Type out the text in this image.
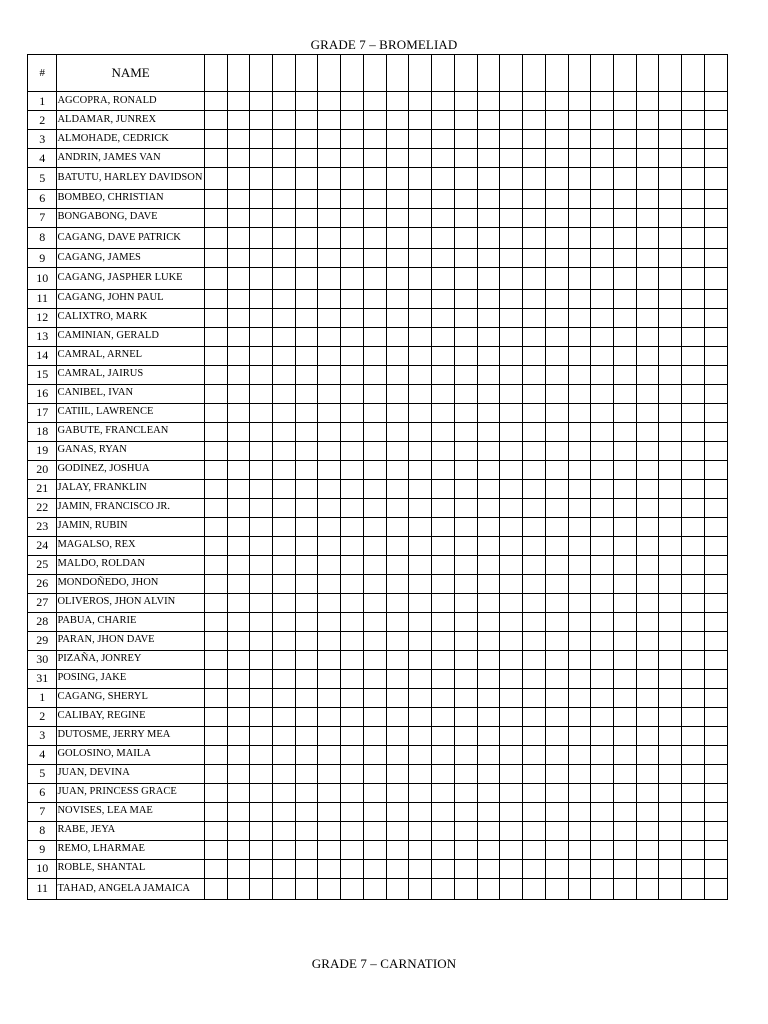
GRADE 7 – BROMELIAD
#	NAME																							
1	AGCOPRA, RONALD																							
2	ALDAMAR, JUNREX																							
3	ALMOHADE, CEDRICK																							
4	ANDRIN, JAMES VAN																							
5	BATUTU, HARLEY DAVIDSON																							
6	BOMBEO, CHRISTIAN																							
7	BONGABONG, DAVE																							
8	CAGANG, DAVE PATRICK																							
9	CAGANG, JAMES																							
10	CAGANG, JASPHER LUKE																							
11	CAGANG, JOHN PAUL																							
12	CALIXTRO, MARK																							
13	CAMINIAN, GERALD																							
14	CAMRAL, ARNEL																							
15	CAMRAL, JAIRUS																							
16	CANIBEL, IVAN																							
17	CATIIL, LAWRENCE																							
18	GABUTE, FRANCLEAN																							
19	GANAS, RYAN																							
20	GODINEZ, JOSHUA																							
21	JALAY, FRANKLIN																							
22	JAMIN, FRANCISCO JR.																							
23	JAMIN, RUBIN																							
24	MAGALSO, REX																							
25	MALDO, ROLDAN																							
26	MONDOÑEDO, JHON																							
27	OLIVEROS, JHON ALVIN																							
28	PABUA, CHARIE																							
29	PARAN, JHON DAVE																							
30	PIZAÑA, JONREY																							
31	POSING, JAKE																							
1	CAGANG, SHERYL																							
2	CALIBAY, REGINE																							
3	DUTOSME, JERRY MEA																							
4	GOLOSINO, MAILA																							
5	JUAN, DEVINA																							
6	JUAN, PRINCESS GRACE																							
7	NOVISES, LEA MAE																							
8	RABE, JEYA																							
9	REMO, LHARMAE																							
10	ROBLE, SHANTAL																							
11	TAHAD, ANGELA JAMAICA																							
GRADE 7 – CARNATION
